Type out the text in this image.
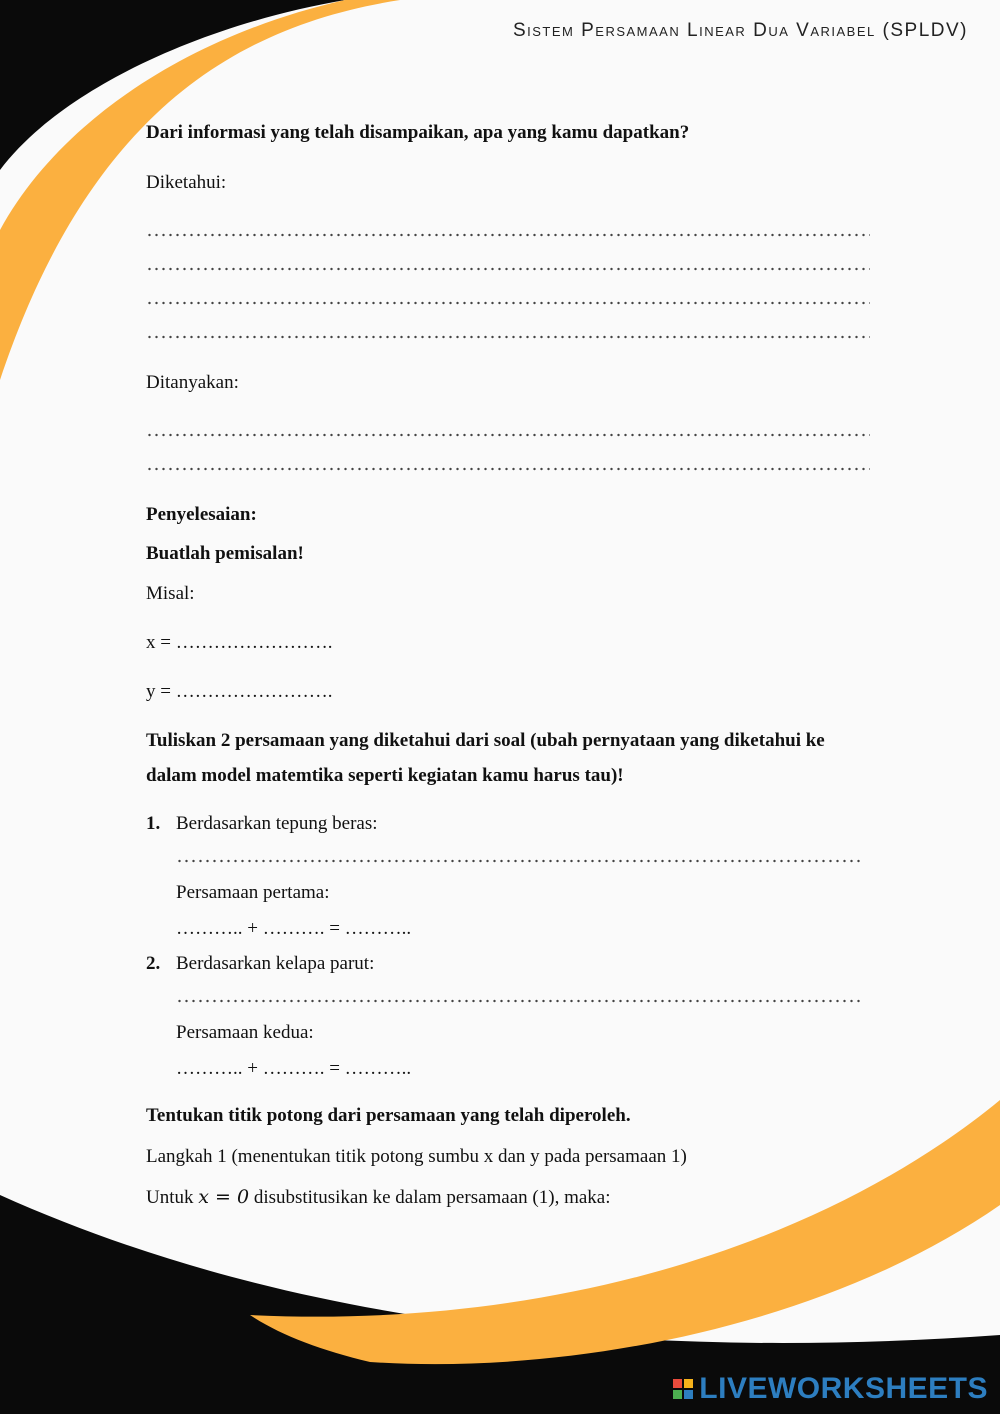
Sistem Persamaan Linear Dua Variabel (SPLDV)
Dari informasi yang telah disampaikan, apa yang kamu dapatkan?
Diketahui:
Ditanyakan:
Penyelesaian:
Buatlah pemisalan!
Misal:
x = …………………….
y = …………………….
Tuliskan 2 persamaan yang diketahui dari soal (ubah pernyataan yang diketahui ke
dalam model matemtika seperti kegiatan kamu harus tau)!
1. Berdasarkan tepung beras:
Persamaan pertama:
……….. + ………. = ………..
2. Berdasarkan kelapa parut:
Persamaan kedua:
……….. + ………. = ………..
Tentukan titik potong dari persamaan yang telah diperoleh.
Langkah 1 (menentukan titik potong sumbu x dan y pada persamaan 1)
Untuk x = 0 disubstitusikan ke dalam persamaan (1), maka:
LIVEWORKSHEETS
